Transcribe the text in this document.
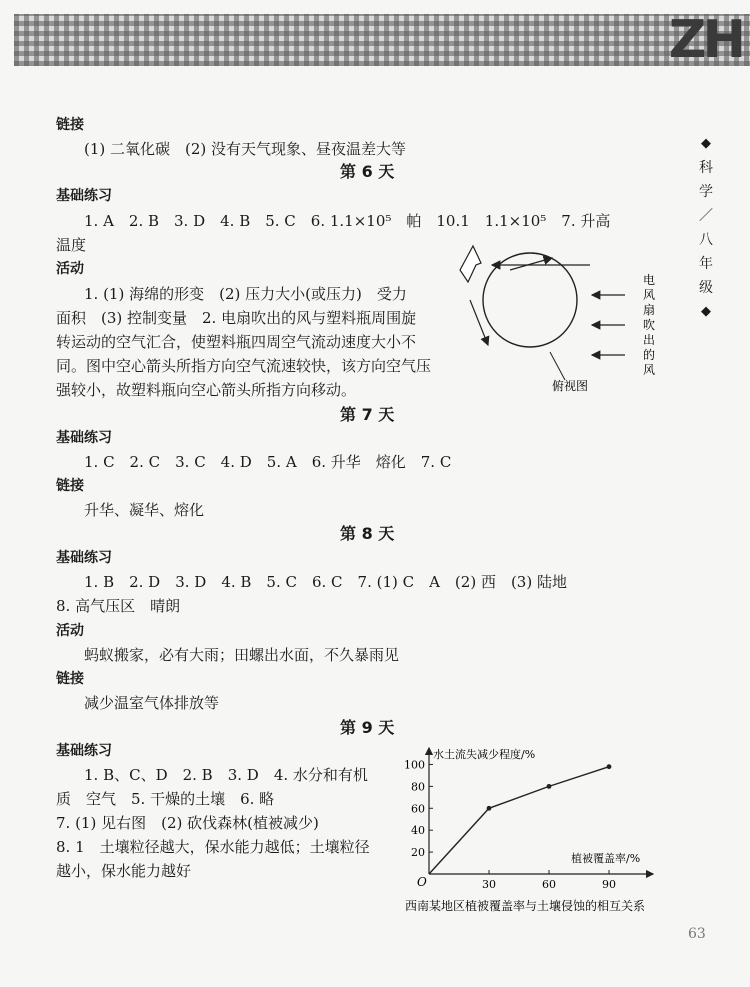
ZH
◆
科
学
／
八
年
级
◆
链接
(1) 二氧化碳　(2) 没有天气现象、昼夜温差大等
第 6 天
基础练习
1. A　2. B　3. D　4. B　5. C　6. 1.1×10⁵　帕　10.1　1.1×10⁵　7. 升高
温度
活动
1. (1) 海绵的形变　(2) 压力大小(或压力)　受力
面积　(3) 控制变量　2. 电扇吹出的风与塑料瓶周围旋
转运动的空气汇合，使塑料瓶四周空气流动速度大小不
同。图中空心箭头所指方向空气流速较快，该方向空气压
强较小，故塑料瓶向空心箭头所指方向移动。
第 7 天
基础练习
1. C　2. C　3. C　4. D　5. A　6. 升华　熔化　7. C
链接
升华、凝华、熔化
第 8 天
基础练习
1. B　2. D　3. D　4. B　5. C　6. C　7. (1) C　A　(2) 西　(3) 陆地
8. 高气压区　晴朗
活动
蚂蚁搬家，必有大雨；田螺出水面，不久暴雨见
链接
减少温室气体排放等
第 9 天
基础练习
1. B、C、D　2. B　3. D　4. 水分和有机
质　空气　5. 干燥的土壤　6. 略
7. (1) 见右图　(2) 砍伐森林(植被减少)
8. 1　土壤粒径越大，保水能力越低；土壤粒径
越小，保水能力越好
俯视图
电
风
扇
吹
出
的
风
水土流失减少程度/%
植被覆盖率/%
O
20
40
60
80
100
30	60	90
西南某地区植被覆盖率与土壤侵蚀的相互关系
63
